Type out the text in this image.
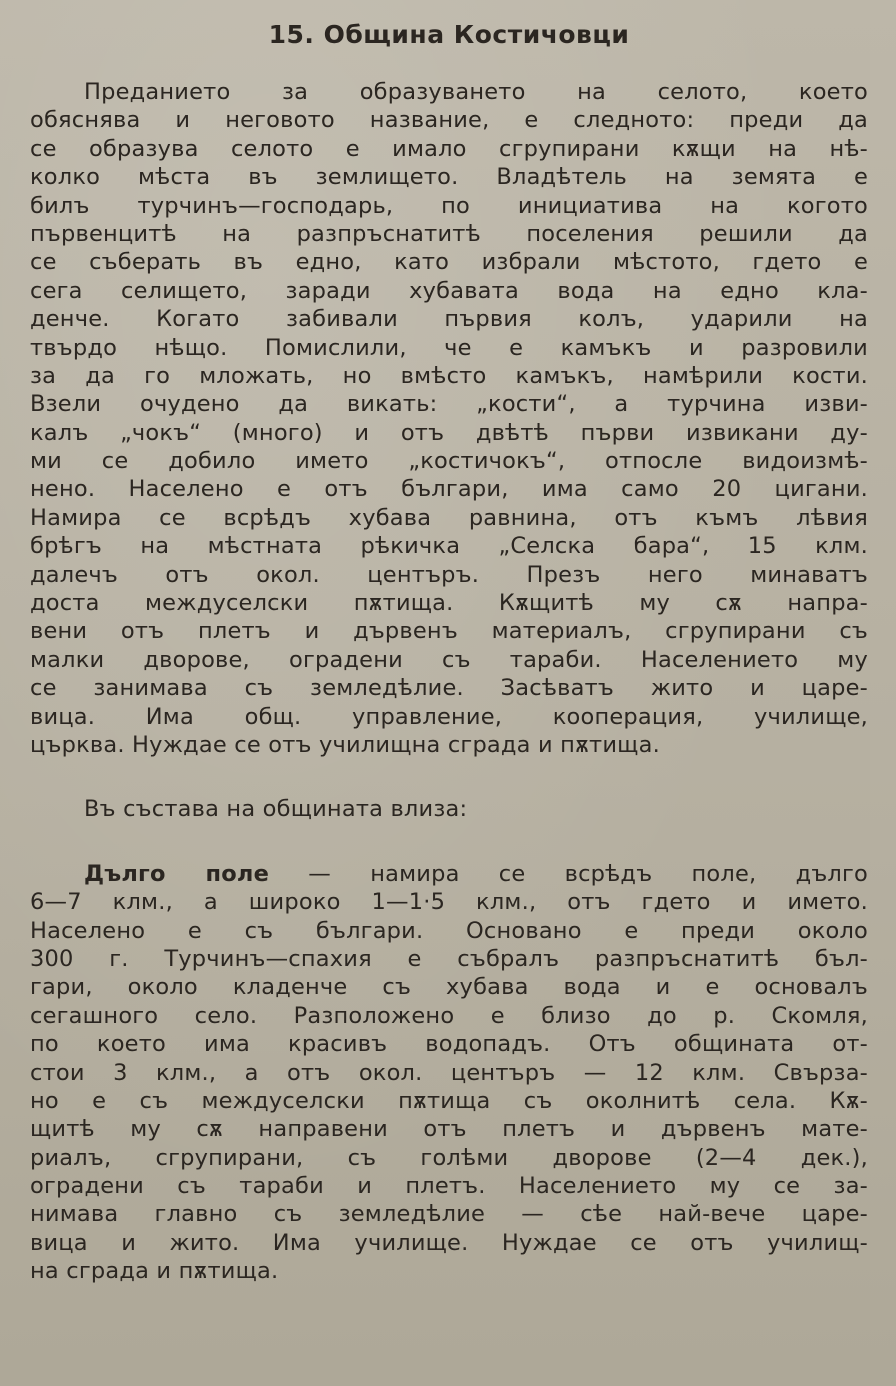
15. Община Костичовци
Преданието за образуването на селото, което
обяснява и неговото название, е следното: преди да
се образува селото е имало сгрупирани кѫщи на нѣ-
колко мѣста въ землището. Владѣтель на земята е
билъ турчинъ—господарь, по инициатива на когото
първенцитѣ на разпръснатитѣ поселения решили да
се съберать въ едно, като избрали мѣстото, гдето е
сега селището, заради хубавата вода на едно кла-
денче. Когато забивали първия колъ, ударили на
твърдо нѣщо. Помислили, че е камъкъ и разровили
за да го мложать, но вмѣсто камъкъ, намѣрили кости.
Взели очудено да викать: „кости“, а турчина изви-
калъ „чокъ“ (много) и отъ двѣтѣ първи извикани ду-
ми се добило името „костичокъ“, отпосле видоизмѣ-
нено. Населено е отъ българи, има само 20 цигани.
Намира се всрѣдъ хубава равнина, отъ къмъ лѣвия
брѣгъ на мѣстната рѣкичка „Селска бара“, 15 клм.
далечъ отъ окол. центъръ. Презъ него минаватъ
доста междуселски пѫтища. Кѫщитѣ му сѫ напра-
вени отъ плетъ и дървенъ материалъ, сгрупирани съ
малки дворове, оградени съ тараби. Населението му
се занимава съ земледѣлие. Засѣватъ жито и царе-
вица. Има общ. управление, кооперация, училище,
църква. Нуждае се отъ училищна сграда и пѫтища.
Въ състава на общината влиза:
Дълго поле — намира се всрѣдъ поле, дълго
6—7 клм., а широко 1—1·5 клм., отъ гдето и името.
Населено е съ българи. Основано е преди около
300 г. Турчинъ—спахия е събралъ разпръснатитѣ бъл-
гари, около кладенче съ хубава вода и е основалъ
сегашного село. Разположено е близо до р. Скомля,
по което има красивъ водопадъ. Отъ общината от-
стои 3 клм., а отъ окол. центъръ — 12 клм. Свърза-
но е съ междуселски пѫтища съ околнитѣ села. Кѫ-
щитѣ му сѫ направени отъ плетъ и дървенъ мате-
риалъ, сгрупирани, съ голѣми дворове (2—4 дек.),
оградени съ тараби и плетъ. Населението му се за-
нимава главно съ земледѣлие — сѣе най-вече царе-
вица и жито. Има училище. Нуждае се отъ училищ-
на сграда и пѫтища.
